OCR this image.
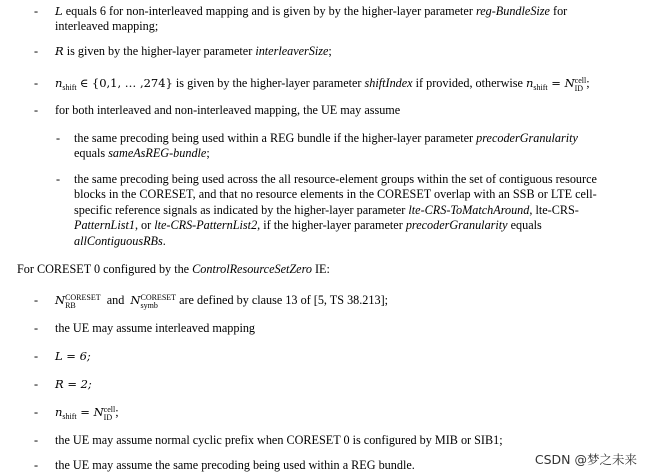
- L equals 6 for non-interleaved mapping and is given by by the higher-layer parameter reg-BundleSize for
interleaved mapping;
- R is given by the higher-layer parameter interleaverSize;
- $n_{shift}$ ∈ {0,1, … ,274} is given by the higher-layer parameter shiftIndex if provided, otherwise $n_{shift}$ = Ncell
ID ;
- for both interleaved and non-interleaved mapping, the UE may assume
- the same precoding being used within a REG bundle if the higher-layer parameter precoderGranularity
equals sameAsREG-bundle;
- the same precoding being used across the all resource-element groups within the set of contiguous resource
blocks in the CORESET, and that no resource elements in the CORESET overlap with an SSB or LTE cell-
specific reference signals as indicated by the higher-layer parameter lte-CRS-ToMatchAround, lte-CRS-
PatternList1, or lte-CRS-PatternList2, if the higher-layer parameter precoderGranularity equals
allContiguousRBs.
For CORESET 0 configured by the ControlResourceSetZero IE:
- NCORESET
RB	and NCORESET
symb are defined by clause 13 of [5, TS 38.213];
- the UE may assume interleaved mapping
- L = 6;
- R = 2;
- $n_{shift}$ = Ncell
ID ;
- the UE may assume normal cyclic prefix when CORESET 0 is configured by MIB or SIB1;
- the UE may assume the same precoding being used within a REG bundle.	CSDN @梦之未来
